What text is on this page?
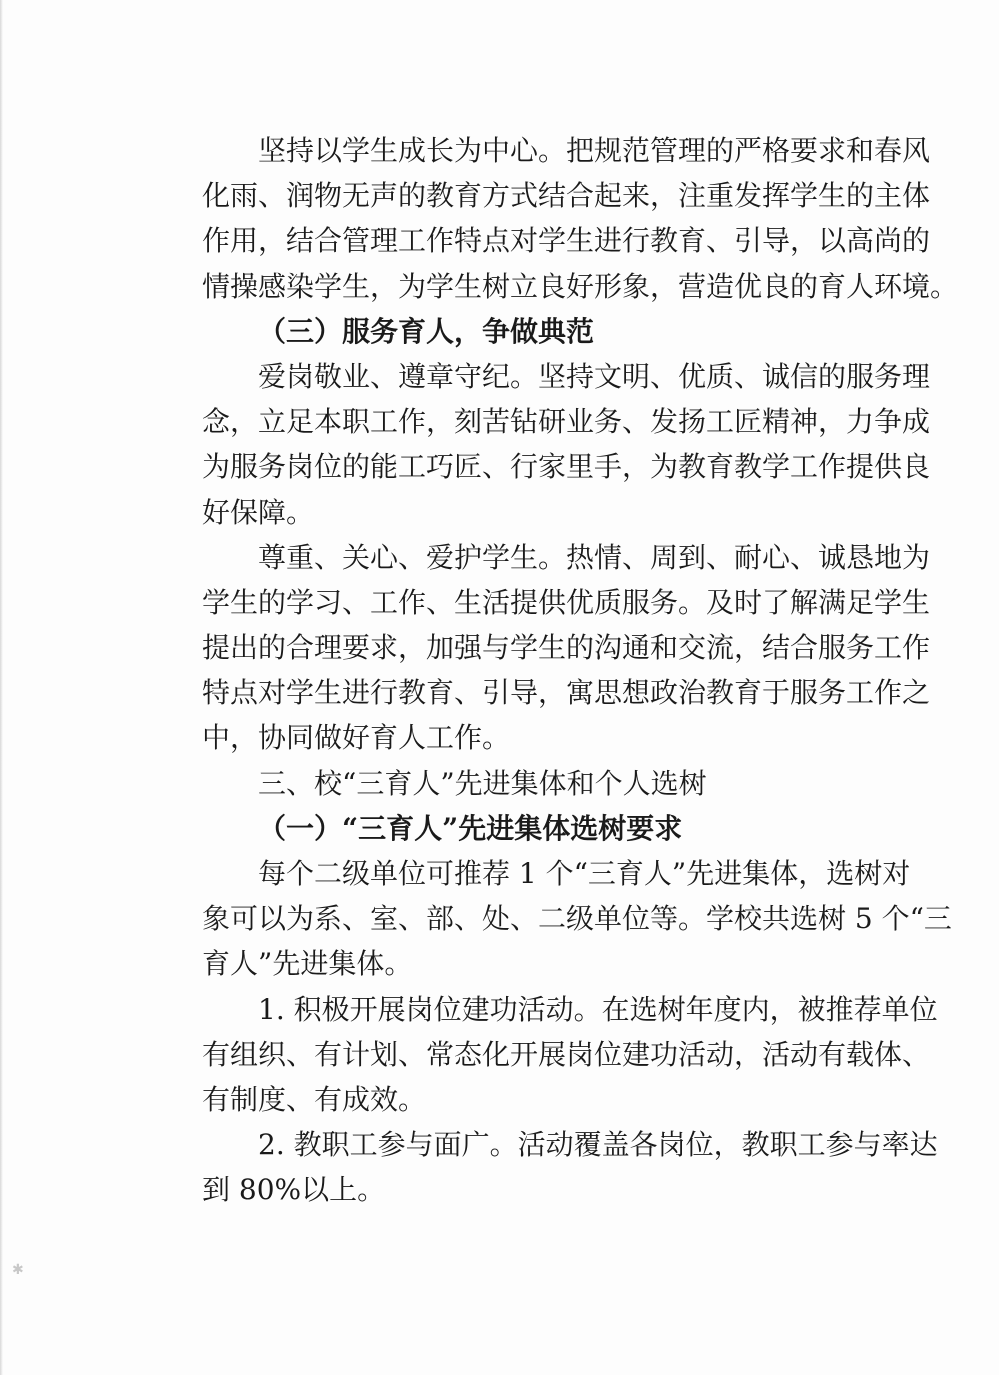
坚持以学生成长为中心。把规范管理的严格要求和春风
化雨、润物无声的教育方式结合起来，注重发挥学生的主体
作用，结合管理工作特点对学生进行教育、引导，以高尚的
情操感染学生，为学生树立良好形象，营造优良的育人环境。
（三）服务育人，争做典范
爱岗敬业、遵章守纪。坚持文明、优质、诚信的服务理
念，立足本职工作，刻苦钻研业务、发扬工匠精神，力争成
为服务岗位的能工巧匠、行家里手，为教育教学工作提供良
好保障。
尊重、关心、爱护学生。热情、周到、耐心、诚恳地为
学生的学习、工作、生活提供优质服务。及时了解满足学生
提出的合理要求，加强与学生的沟通和交流，结合服务工作
特点对学生进行教育、引导，寓思想政治教育于服务工作之
中，协同做好育人工作。
三、校“三育人”先进集体和个人选树
（一）“三育人”先进集体选树要求
每个二级单位可推荐 1 个“三育人”先进集体，选树对
象可以为系、室、部、处、二级单位等。学校共选树 5 个“三
育人”先进集体。
1. 积极开展岗位建功活动。在选树年度内，被推荐单位
有组织、有计划、常态化开展岗位建功活动，活动有载体、
有制度、有成效。
2. 教职工参与面广。活动覆盖各岗位，教职工参与率达
到 80%以上。
✱
